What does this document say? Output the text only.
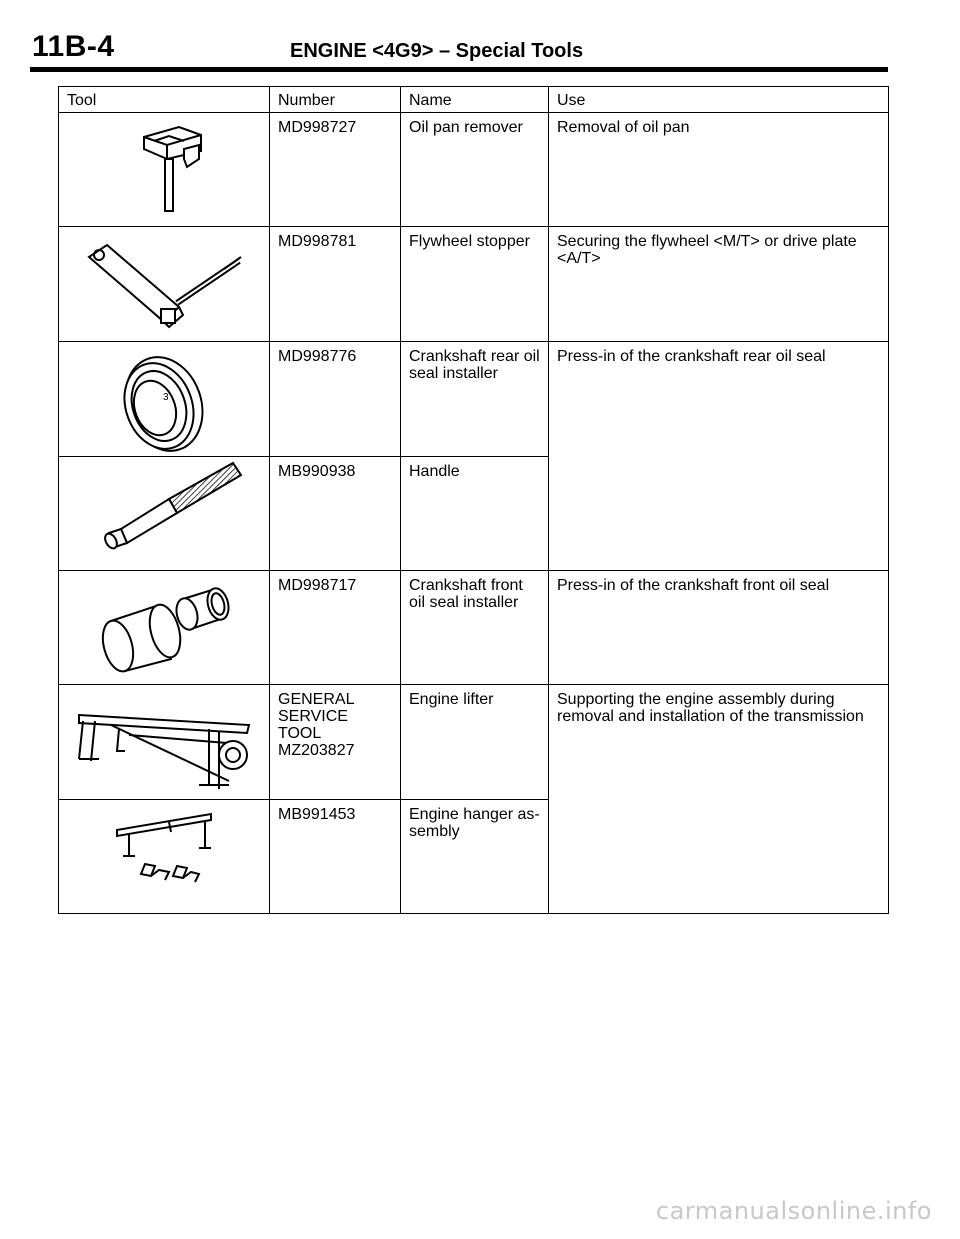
11B-4	ENGINE <4G9> – Special Tools
Tool	Number	Name	Use

	MD998727	Oil pan remover	Removal of oil pan

	MD998781	Flywheel stopper	Securing the flywheel <M/T> or drive plate <A/T>

3	MD998776	Crankshaft rear oil seal installer	Press-in of the crankshaft rear oil seal

	MB990938	Handle	

	MD998717	Crankshaft front oil seal installer	Press-in of the crankshaft front oil seal

	GENERAL
SERVICE
TOOL
MZ203827	Engine lifter	Supporting the engine assembly during removal and installation of the transmission

	MB991453	Engine hanger as-
sembly	
carmanualsonline.info
